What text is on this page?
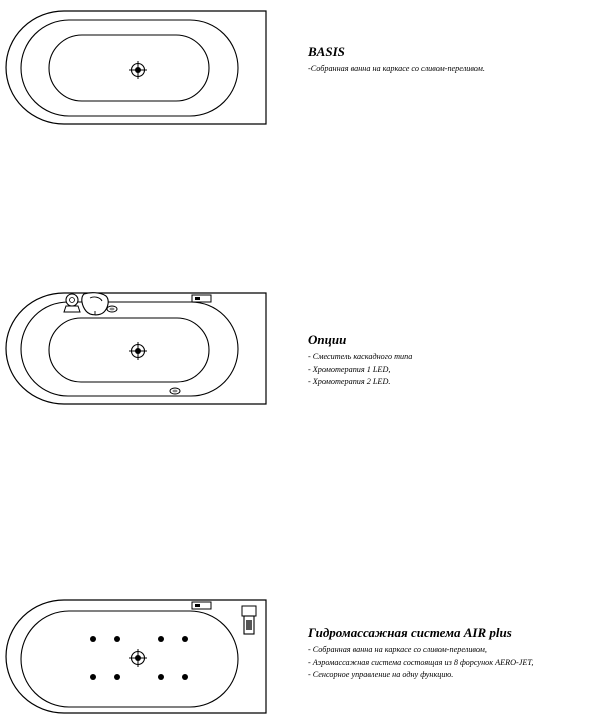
BASIS
-Собранная ванна на каркасе со сливом-переливом.
Опции
- Смеситель каскадного типа
- Хромотерапия 1 LED,
- Хромотерапия 2 LED.
Гидромассажная система AIR plus
- Собранная ванна на каркасе со сливом-переливом,
- Аэромассажная система состоящая из 8 форсунок AERO-JET,
- Сенсорное управление на одну функцию.
